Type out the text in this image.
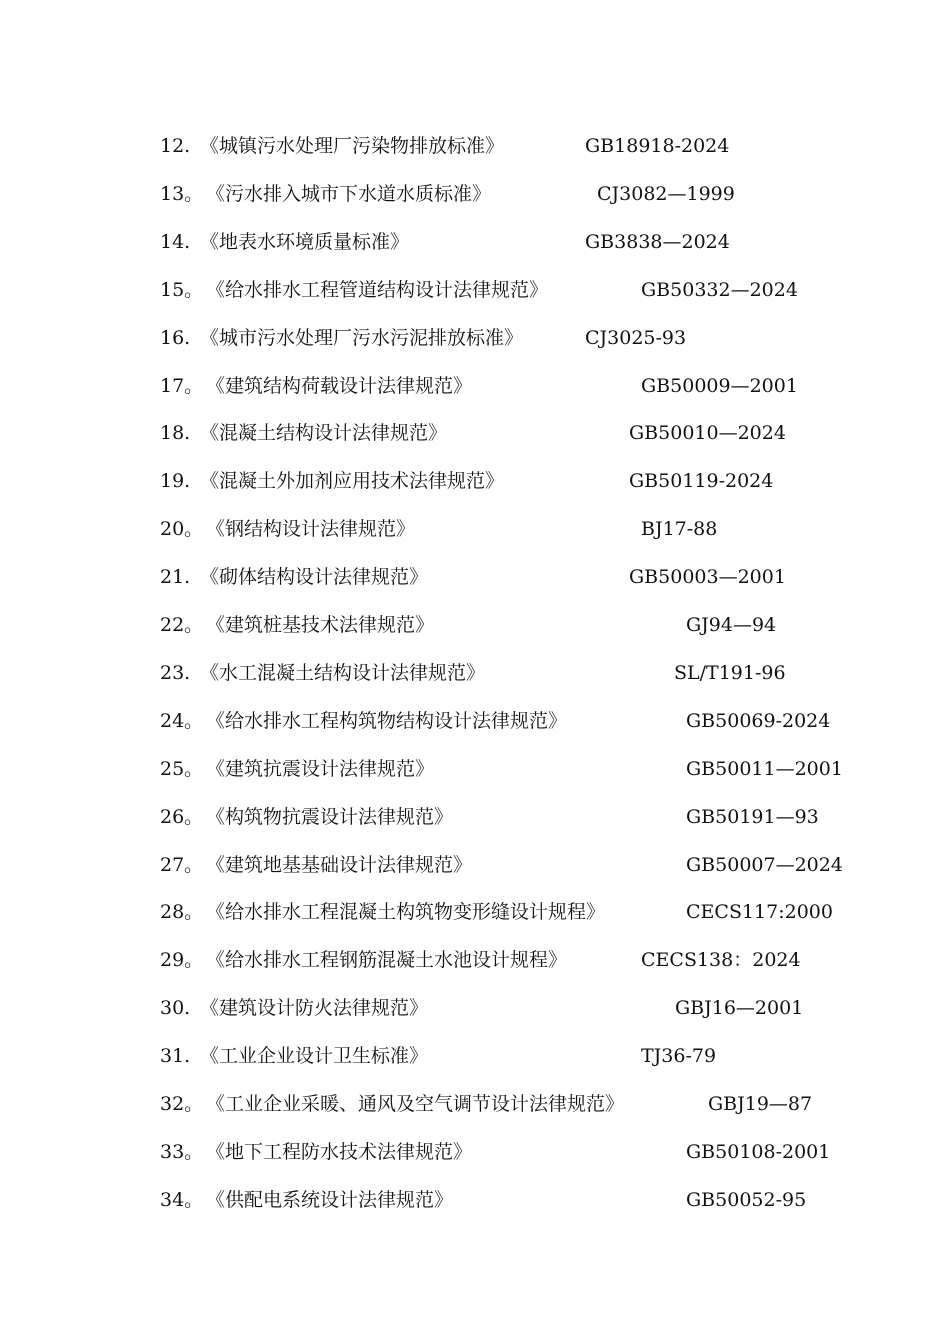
12. 《城镇污水处理厂污染物排放标准》	GB18918-2024
13。 《污水排入城市下水道水质标准》	CJ3082—1999
14. 《地表水环境质量标准》	GB3838—2024
15。 《给水排水工程管道结构设计法律规范》	GB50332—2024
16. 《城市污水处理厂污水污泥排放标准》	CJ3025-93
17。 《建筑结构荷载设计法律规范》	GB50009—2001
18. 《混凝土结构设计法律规范》	GB50010—2024
19. 《混凝土外加剂应用技术法律规范》	GB50119-2024
20。 《钢结构设计法律规范》	BJ17-88
21. 《砌体结构设计法律规范》	GB50003—2001
22。 《建筑桩基技术法律规范》	GJ94—94
23. 《水工混凝土结构设计法律规范》	SL/T191-96
24。 《给水排水工程构筑物结构设计法律规范》	GB50069-2024
25。 《建筑抗震设计法律规范》	GB50011—2001
26。 《构筑物抗震设计法律规范》	GB50191—93
27。 《建筑地基基础设计法律规范》	GB50007—2024
28。 《给水排水工程混凝土构筑物变形缝设计规程》	CECS117:2000
29。 《给水排水工程钢筋混凝土水池设计规程》	CECS138：2024
30. 《建筑设计防火法律规范》	GBJ16—2001
31. 《工业企业设计卫生标准》	TJ36-79
32。 《工业企业采暖、通风及空气调节设计法律规范》	GBJ19—87
33。 《地下工程防水技术法律规范》	GB50108-2001
34。 《供配电系统设计法律规范》	GB50052-95
